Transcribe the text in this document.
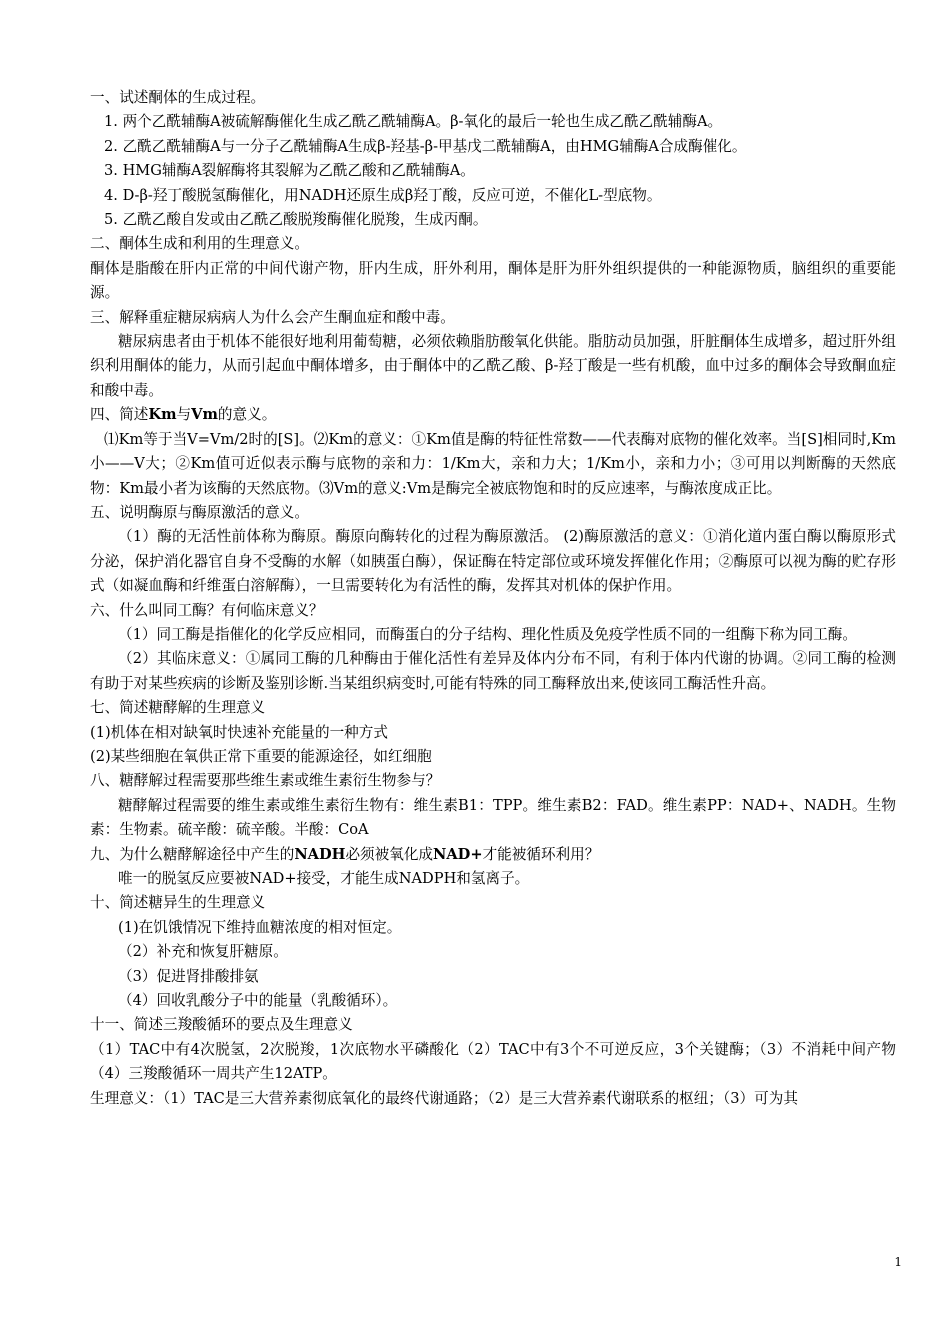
一、试述酮体的生成过程。
1. 两个乙酰辅酶A被硫解酶催化生成乙酰乙酰辅酶A。β-氧化的最后一轮也生成乙酰乙酰辅酶A。
2. 乙酰乙酰辅酶A与一分子乙酰辅酶A生成β-羟基-β-甲基戊二酰辅酶A，由HMG辅酶A合成酶催化。
3. HMG辅酶A裂解酶将其裂解为乙酰乙酸和乙酰辅酶A。
4. D-β-羟丁酸脱氢酶催化，用NADH还原生成β羟丁酸，反应可逆，不催化L-型底物。
5. 乙酰乙酸自发或由乙酰乙酸脱羧酶催化脱羧，生成丙酮。
二、酮体生成和利用的生理意义。
酮体是脂酸在肝内正常的中间代谢产物，肝内生成，肝外利用，酮体是肝为肝外组织提供的一种能源物质，脑组织的重要能源。
三、解释重症糖尿病病人为什么会产生酮血症和酸中毒。
糖尿病患者由于机体不能很好地利用葡萄糖，必须依赖脂肪酸氧化供能。脂肪动员加强，肝脏酮体生成增多，超过肝外组织利用酮体的能力，从而引起血中酮体增多，由于酮体中的乙酰乙酸、β-羟丁酸是一些有机酸，血中过多的酮体会导致酮血症和酸中毒。
四、简述Km与Vm的意义。
⑴Km等于当V=Vm/2时的[S]。⑵Km的意义：①Km值是酶的特征性常数——代表酶对底物的催化效率。当[S]相同时,Km小——V大；②Km值可近似表示酶与底物的亲和力：1/Km大，亲和力大；1/Km小，亲和力小；③可用以判断酶的天然底物：Km最小者为该酶的天然底物。⑶Vm的意义:Vm是酶完全被底物饱和时的反应速率，与酶浓度成正比。
五、说明酶原与酶原激活的意义。
（1）酶的无活性前体称为酶原。酶原向酶转化的过程为酶原激活。 (2)酶原激活的意义：①消化道内蛋白酶以酶原形式分泌，保护消化器官自身不受酶的水解（如胰蛋白酶），保证酶在特定部位或环境发挥催化作用；②酶原可以视为酶的贮存形式（如凝血酶和纤维蛋白溶解酶），一旦需要转化为有活性的酶，发挥其对机体的保护作用。
六、什么叫同工酶？有何临床意义？
（1）同工酶是指催化的化学反应相同，而酶蛋白的分子结构、理化性质及免疫学性质不同的一组酶下称为同工酶。
（2）其临床意义：①属同工酶的几种酶由于催化活性有差异及体内分布不同，有利于体内代谢的协调。②同工酶的检测有助于对某些疾病的诊断及鉴别诊断.当某组织病变时,可能有特殊的同工酶释放出来,使该同工酶活性升高。
七、简述糖酵解的生理意义
(1)机体在相对缺氧时快速补充能量的一种方式
(2)某些细胞在氧供正常下重要的能源途径，如红细胞
八、糖酵解过程需要那些维生素或维生素衍生物参与？
糖酵解过程需要的维生素或维生素衍生物有：维生素B1：TPP。维生素B2：FAD。维生素PP：NAD+、NADH。生物素：生物素。硫辛酸：硫辛酸。半酸：CoA
九、为什么糖酵解途径中产生的NADH必须被氧化成NAD+才能被循环利用？
唯一的脱氢反应要被NAD+接受，才能生成NADPH和氢离子。
十、简述糖异生的生理意义
(1)在饥饿情况下维持血糖浓度的相对恒定。
（2）补充和恢复肝糖原。
（3）促进肾排酸排氨
（4）回收乳酸分子中的能量（乳酸循环）。
十一、简述三羧酸循环的要点及生理意义
（1）TAC中有4次脱氢，2次脱羧，1次底物水平磷酸化（2）TAC中有3个不可逆反应，3个关键酶；（3）不消耗中间产物（4）三羧酸循环一周共产生12ATP。
生理意义：（1）TAC是三大营养素彻底氧化的最终代谢通路；（2）是三大营养素代谢联系的枢纽；（3）可为其
1
